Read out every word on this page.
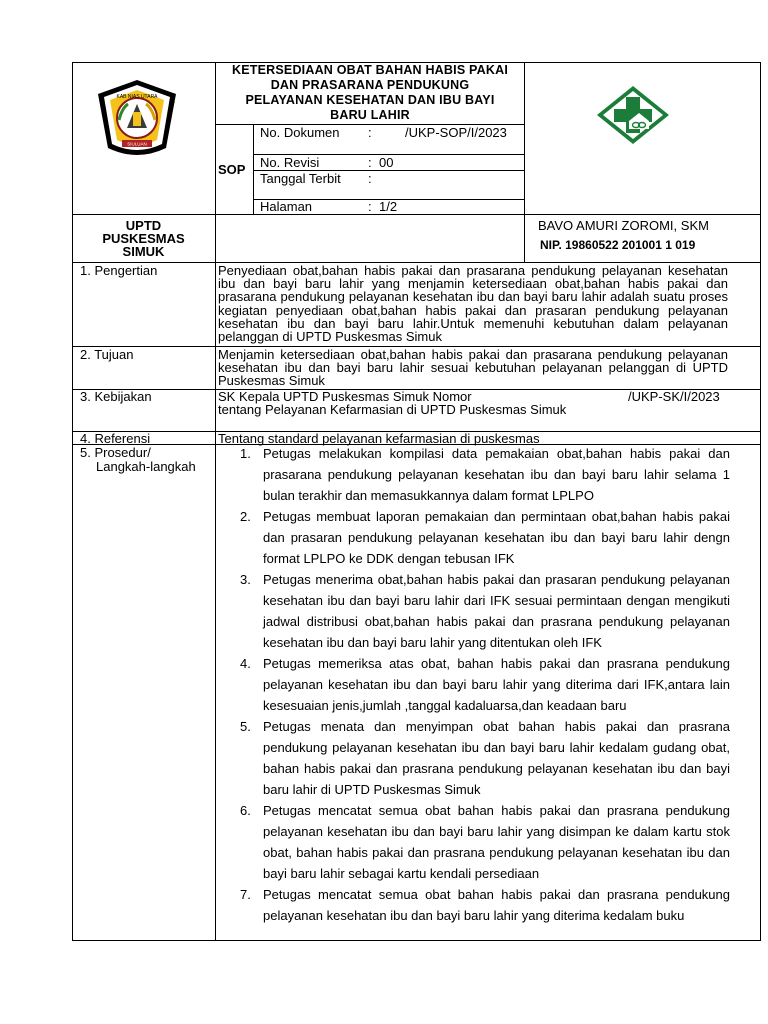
SIULUAN
KAB NIAS UTARA
KETERSEDIAAN OBAT BAHAN HABIS PAKAI
DAN PRASARANA PENDUKUNG
PELAYANAN KESEHATAN DAN IBU BAYI
BARU LAHIR
SOP
No. Dokumen :	/UKP-SOP/I/2023
No. Revisi	: 00
Tanggal Terbit :
Halaman	: 1/2
UPTD
PUSKESMAS
SIMUK
BAVO AMURI ZOROMI, SKM
NIP. 19860522 201001 1 019
1. Pengertian	Penyediaan obat,bahan habis pakai dan prasarana pendukung pelayanan kesehatan ibu dan bayi baru lahir yang menjamin ketersediaan obat,bahan habis pakai dan prasarana pendukung pelayanan kesehatan ibu dan bayi baru lahir adalah suatu proses kegiatan penyediaan obat,bahan habis pakai dan prasaran pendukung pelayanan kesehatan ibu dan bayi baru lahir.Untuk memenuhi kebutuhan dalam pelayanan pelanggan di UPTD Puskesmas Simuk
2. Tujuan	Menjamin ketersediaan obat,bahan habis pakai dan prasarana pendukung pelayanan kesehatan ibu dan bayi baru lahir sesuai kebutuhan pelayanan pelanggan di UPTD Puskesmas Simuk
3. Kebijakan	SK Kepala UPTD Puskesmas Simuk Nomor	/UKP-SK/I/2023
tentang Pelayanan Kefarmasian di UPTD Puskesmas Simuk
4. Referensi	Tentang standard pelayanan kefarmasian di puskesmas
5. Prosedur/
Langkah-langkah
1. Petugas melakukan kompilasi data pemakaian obat,bahan habis pakai dan prasarana pendukung pelayanan kesehatan ibu dan bayi baru lahir selama 1 bulan terakhir dan memasukkannya dalam format LPLPO
2. Petugas membuat laporan pemakaian dan permintaan obat,bahan habis pakai dan prasaran pendukung pelayanan kesehatan ibu dan bayi baru lahir dengn format LPLPO ke DDK dengan tebusan IFK
3. Petugas menerima obat,bahan habis pakai dan prasaran pendukung pelayanan kesehatan ibu dan bayi baru lahir dari IFK sesuai permintaan dengan mengikuti jadwal distribusi obat,bahan habis pakai dan prasrana pendukung pelayanan kesehatan ibu dan bayi baru lahir yang ditentukan oleh IFK
4. Petugas memeriksa atas obat, bahan habis pakai dan prasrana pendukung pelayanan kesehatan ibu dan bayi baru lahir yang diterima dari IFK,antara lain kesesuaian jenis,jumlah ,tanggal kadaluarsa,dan keadaan baru
5. Petugas menata dan menyimpan obat bahan habis pakai dan prasrana pendukung pelayanan kesehatan ibu dan bayi baru lahir kedalam gudang obat, bahan habis pakai dan prasrana pendukung pelayanan kesehatan ibu dan bayi baru lahir di UPTD Puskesmas Simuk
6. Petugas mencatat semua obat bahan habis pakai dan prasrana pendukung pelayanan kesehatan ibu dan bayi baru lahir yang disimpan ke dalam kartu stok obat, bahan habis pakai dan prasrana pendukung pelayanan kesehatan ibu dan bayi baru lahir sebagai kartu kendali persediaan
7. Petugas mencatat semua obat bahan habis pakai dan prasrana pendukung pelayanan kesehatan ibu dan bayi baru lahir yang diterima kedalam buku
